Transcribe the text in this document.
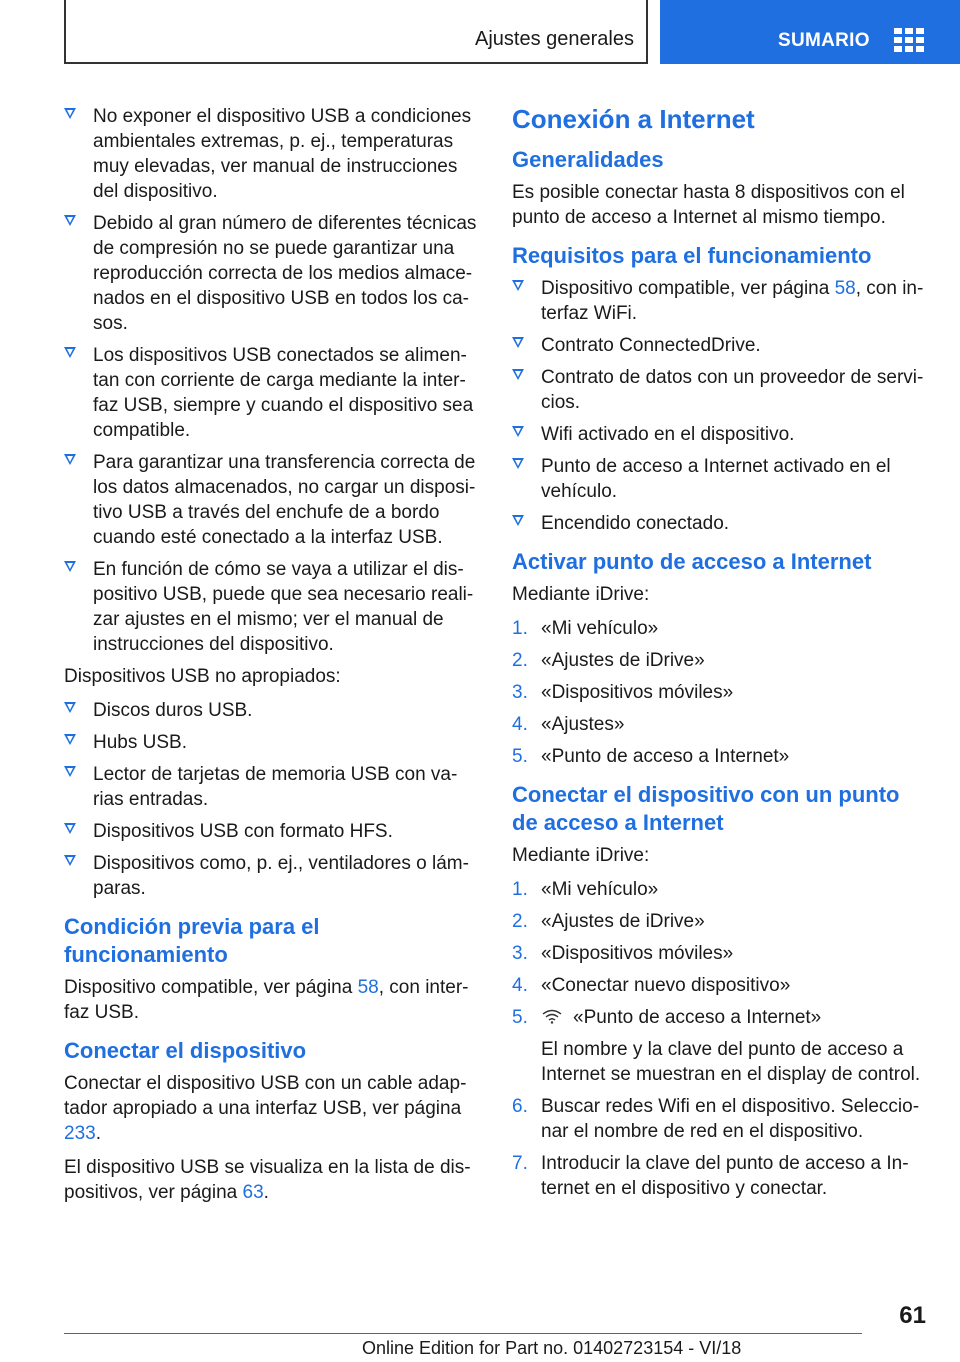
Ajustes generales	SUMARIO
No exponer el dispositivo USB a condiciones ambientales extremas, p. ej., temperaturas muy elevadas, ver manual de instrucciones del dispositivo.
Debido al gran número de diferentes técnicas de compresión no se puede garantizar una reproducción correcta de los medios almacenados en el dispositivo USB en todos los casos.
Los dispositivos USB conectados se alimentan con corriente de carga mediante la interfaz USB, siempre y cuando el dispositivo sea compatible.
Para garantizar una transferencia correcta de los datos almacenados, no cargar un dispositivo USB a través del enchufe de a bordo cuando esté conectado a la interfaz USB.
En función de cómo se vaya a utilizar el dispositivo USB, puede que sea necesario realizar ajustes en el mismo; ver el manual de instrucciones del dispositivo.

Dispositivos USB no apropiados:

Discos duros USB.
Hubs USB.
Lector de tarjetas de memoria USB con varias entradas.
Dispositivos USB con formato HFS.
Dispositivos como, p. ej., ventiladores o lámparas.
Condición previa para el funcionamiento

Dispositivo compatible, ver página 58, con interfaz USB.

Conectar el dispositivo

Conectar el dispositivo USB con un cable adaptador apropiado a una interfaz USB, ver página 233.

El dispositivo USB se visualiza en la lista de dispositivos, ver página 63.

Conexión a Internet
Generalidades

Es posible conectar hasta 8 dispositivos con el punto de acceso a Internet al mismo tiempo.

Requisitos para el funcionamiento
Dispositivo compatible, ver página 58, con interfaz WiFi.
Contrato ConnectedDrive.
Contrato de datos con un proveedor de servicios.
Wifi activado en el dispositivo.
Punto de acceso a Internet activado en el vehículo.
Encendido conectado.
Activar punto de acceso a Internet

Mediante iDrive:

1. «Mi vehículo»
2. «Ajustes de iDrive»
3. «Dispositivos móviles»
4. «Ajustes»
5. «Punto de acceso a Internet»
Conectar el dispositivo con un punto de acceso a Internet

Mediante iDrive:

1. «Mi vehículo»
2. «Ajustes de iDrive»
3. «Dispositivos móviles»
4. «Conectar nuevo dispositivo»
5. «Punto de acceso a Internet»
El nombre y la clave del punto de acceso a Internet se muestran en el display de control.
6. Buscar redes Wifi en el dispositivo. Seleccionar el nombre de red en el dispositivo.
7. Introducir la clave del punto de acceso a Internet en el dispositivo y conectar.
61
Online Edition for Part no. 01402723154 - VI/18
